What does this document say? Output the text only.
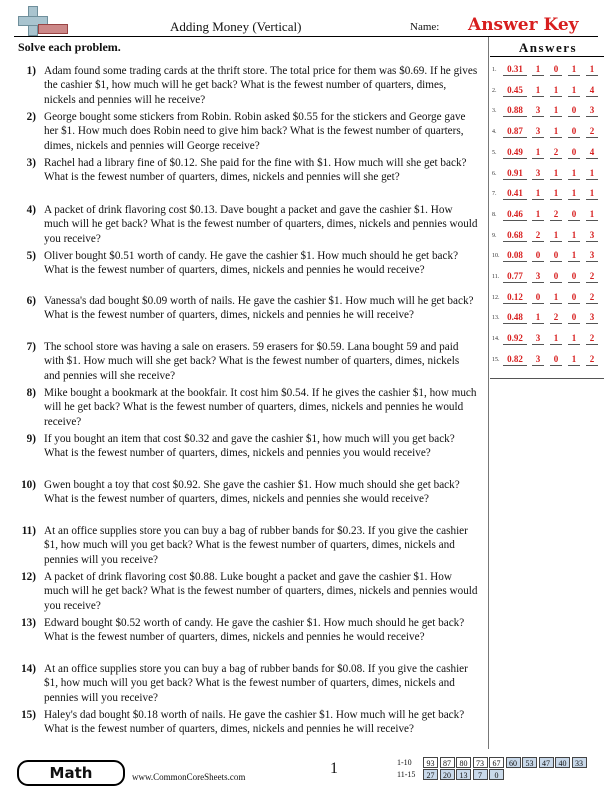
Adding Money (Vertical)	Name: Answer Key
Solve each problem.
1) Adam found some trading cards at the thrift store. The total price for them was $0.69. If he gives the cashier $1, how much will he get back? What is the fewest number of quarters, dimes, nickels and pennies will he receive?
2) George bought some stickers from Robin. Robin asked $0.55 for the stickers and George gave her $1. How much does Robin need to give him back? What is the fewest number of quarters, dimes, nickels and pennies will George receive?
3) Rachel had a library fine of $0.12. She paid for the fine with $1. How much will she get back? What is the fewest number of quarters, dimes, nickels and pennies will she get?
4) A packet of drink flavoring cost $0.13. Dave bought a packet and gave the cashier $1. How much will he get back? What is the fewest number of quarters, dimes, nickels and pennies would you receive?
5) Oliver bought $0.51 worth of candy. He gave the cashier $1. How much should he get back? What is the fewest number of quarters, dimes, nickels and pennies he would receive?
6) Vanessa's dad bought $0.09 worth of nails. He gave the cashier $1. How much will he get back? What is the fewest number of quarters, dimes, nickels and pennies he will receive?
7) The school store was having a sale on erasers. 59 erasers for $0.59. Lana bought 59 and paid with $1. How much will she get back? What is the fewest number of quarters, dimes, nickels and pennies will she receive?
8) Mike bought a bookmark at the bookfair. It cost him $0.54. If he gives the cashier $1, how much will he get back? What is the fewest number of quarters, dimes, nickels and pennies he would receive?
9) If you bought an item that cost $0.32 and gave the cashier $1, how much will you get back? What is the fewest number of quarters, dimes, nickels and pennies you would receive?
10) Gwen bought a toy that cost $0.92. She gave the cashier $1. How much should she get back? What is the fewest number of quarters, dimes, nickels and pennies she would receive?
11) At an office supplies store you can buy a bag of rubber bands for $0.23. If you give the cashier $1, how much will you get back? What is the fewest number of quarters, dimes, nickels and pennies will you receive?
12) A packet of drink flavoring cost $0.88. Luke bought a packet and gave the cashier $1. How much will he get back? What is the fewest number of quarters, dimes, nickels and pennies would you receive?
13) Edward bought $0.52 worth of candy. He gave the cashier $1. How much should he get back? What is the fewest number of quarters, dimes, nickels and pennies he would receive?
14) At an office supplies store you can buy a bag of rubber bands for $0.08. If you give the cashier $1, how much will you get back? What is the fewest number of quarters, dimes, nickels and pennies will you receive?
15) Haley's dad bought $0.18 worth of nails. He gave the cashier $1. How much will he get back? What is the fewest number of quarters, dimes, nickels and pennies he will receive?
Answers
1.	0.31	1	0	1	1
2.	0.45	1	1	1	4
3.	0.88	3	1	0	3
4.	0.87	3	1	0	2
5.	0.49	1	2	0	4
6.	0.91	3	1	1	1
7.	0.41	1	1	1	1
8.	0.46	1	2	0	1
9.	0.68	2	1	1	3
10. 0.08	0	0	1	3
11. 0.77	3	0	0	2
12. 0.12	0	1	0	2
13. 0.48	1	2	0	3
14. 0.92	3	1	1	2
15. 0.82	3	0	1	2
Math	www.CommonCoreSheets.com	1	1-10	93	87	80	73	67	60	53	47	40	33
11-15	27	20	13	7	0
